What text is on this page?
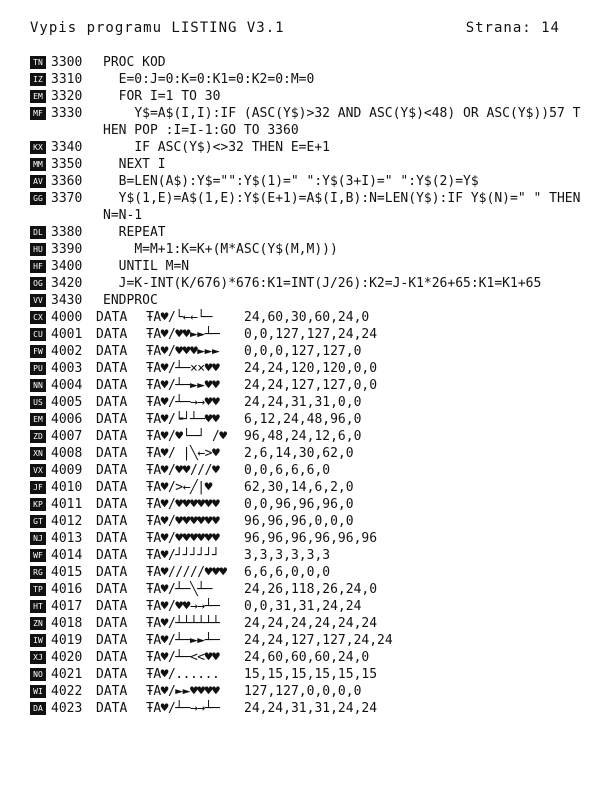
Vypis programu LISTING V3.1	Strana: 14
TN 3300	PROC KOD
IZ 3310	E=0:J=0:K=0:K1=0:K2=0:M=0
EM 3320	FOR I=1 TO 30
MF 3330	Y$=A$(I,I):IF (ASC(Y$)>32 AND ASC(Y$)<48) OR ASC(Y$))57 THEN POP :I=I-1:GO TO 3360
KX 3340	IF ASC(Y$)<>32 THEN E=E+1
MM 3350	NEXT I
AV 3360	B=LEN(A$):Y$="":Y$(1)=" ":Y$(3+I)=" ":Y$(2)=Y$
GG 3370	Y$(1,E)=A$(1,E):Y$(E+1)=A$(I,B):N=LEN(Y$):IF Y$(N)=" " THEN N=N-1
DL 3380	REPEAT
HU 3390	M=M+1:K=K+(M*ASC(Y$(M,M)))
HF 3400	UNTIL M=N
OG 3420	J=K-INT(K/676)*676:K1=INT(J/26):K2=J-K1*26+65:K1=K1+65
VV 3430	ENDPROC
CX 4000	DATA	ŦA♥/└←←└─	24,60,30,60,24,0
CU 4001	DATA	ŦA♥/♥♥►►┴─	0,0,127,127,24,24
FW 4002	DATA	ŦA♥/♥♥♥►►►	0,0,0,127,127,0
PU 4003	DATA	ŦA♥/┴─××♥♥	24,24,120,120,0,0
NN 4004	DATA	ŦA♥/┴─►►♥♥	24,24,127,127,0,0
US 4005	DATA	ŦA♥/┴─→→♥♥	24,24,31,31,0,0
EM 4006	DATA	ŦA♥/┕┘┴─♥♥	6,12,24,48,96,0
ZD 4007	DATA	ŦA♥/♥└─┘ /♥	96,48,24,12,6,0
XN 4008	DATA	ŦA♥/ |╲←>♥	2,6,14,30,62,0
VX 4009	DATA	ŦA♥/♥♥///♥	0,0,6,6,6,0
JF 4010	DATA	ŦA♥/>←╱|♥	62,30,14,6,2,0
KP 4011	DATA	ŦA♥/♥♥♥♥♥♥	0,0,96,96,96,0
GT 4012	DATA	ŦA♥/♥♥♥♥♥♥	96,96,96,0,0,0
NJ 4013	DATA	ŦA♥/♥♥♥♥♥♥	96,96,96,96,96,96
WF 4014	DATA	ŦA♥/┘┘┘┘┘┘	3,3,3,3,3,3
RG 4015	DATA	ŦA♥/////♥♥♥	6,6,6,0,0,0
TP 4016	DATA	ŦA♥/┴─╲┴─	24,26,118,26,24,0
HT 4017	DATA	ŦA♥/♥♥→→┴─	0,0,31,31,24,24
ZN 4018	DATA	ŦA♥/┴┴┴┴┴┴	24,24,24,24,24,24
IW 4019	DATA	ŦA♥/┴─►►┴─	24,24,127,127,24,24
XJ 4020	DATA	ŦA♥/┴─<<♥♥	24,60,60,60,24,0
NO 4021	DATA	ŦA♥/......	15,15,15,15,15,15
WI 4022	DATA	ŦA♥/►►♥♥♥♥	127,127,0,0,0,0
DA 4023	DATA	ŦA♥/┴─→→┴─	24,24,31,31,24,24
